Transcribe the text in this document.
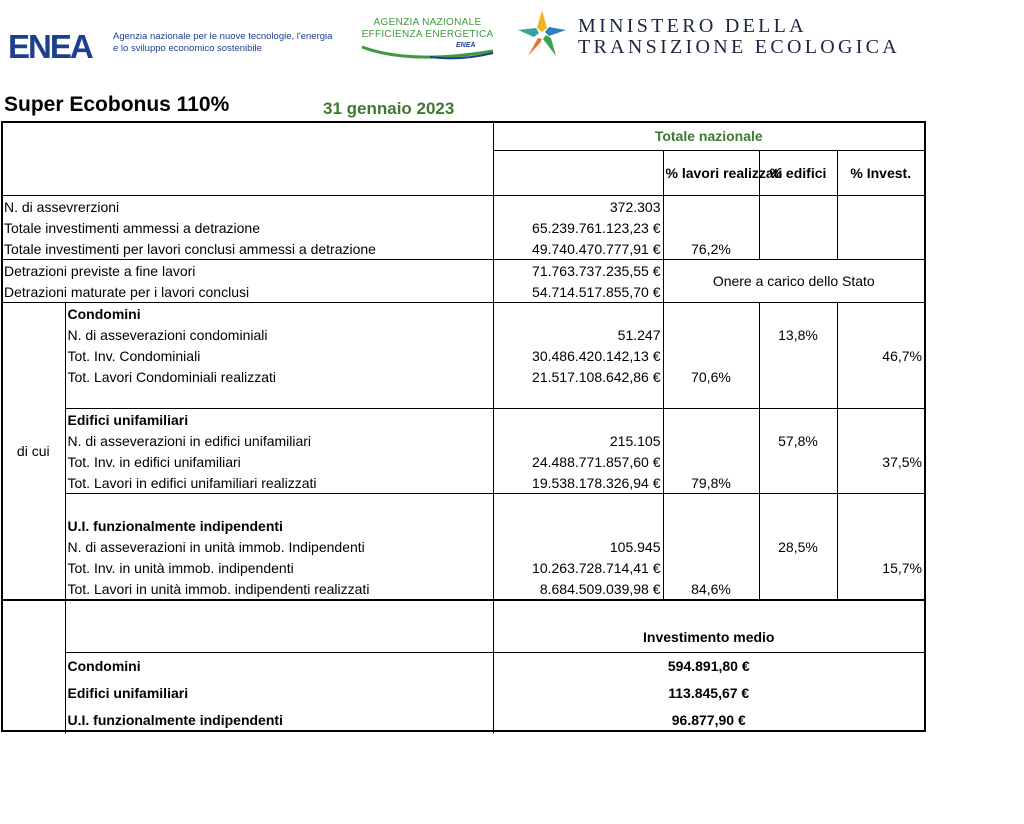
ENEA Agenzia nazionale per le nuove tecnologie, l'energia
e lo sviluppo economico sostenibile
AGENZIA NAZIONALE
EFFICIENZA ENERGETICA
ENEA
MINISTERO DELLA
TRANSIZIONE ECOLOGICA
Super Ecobonus 110%	31 gennaio 2023
		Totale nazionale			
			% lavori realizzati	% edifici	% Invest.
N. di assevrerzioni		372.303			
Totale investimenti ammessi a detrazione		65.239.761.123,23 €			
Totale investimenti per lavori conclusi ammessi a detrazione		49.740.470.777,91 €	76,2%		
Detrazioni previste a fine lavori		71.763.737.235,55 €	Onere a carico dello Stato		
Detrazioni maturate per i lavori conclusi		54.714.517.855,70 €			
di cui	Condomini				
	N. di asseverazioni condominiali	51.247		13,8%	
	Tot. Inv. Condominiali	30.486.420.142,13 €			46,7%
	Tot. Lavori Condominiali realizzati	21.517.108.642,86 €	70,6%		

	Edifici unifamiliari				
	N. di asseverazioni in edifici unifamiliari	215.105		57,8%	
	Tot. Inv. in edifici unifamiliari	24.488.771.857,60 €			37,5%
	Tot. Lavori in edifici unifamiliari realizzati	19.538.178.326,94 €	79,8%		

	U.I. funzionalmente indipendenti				
	N. di asseverazioni in unità immob. Indipendenti	105.945		28,5%	
	Tot. Inv. in unità immob. indipendenti	10.263.728.714,41 €			15,7%
	Tot. Lavori in unità immob. indipendenti realizzati	8.684.509.039,98 €	84,6%		

		Investimento medio			
	Condomini	594.891,80 €			
	Edifici unifamiliari	113.845,67 €			
	U.I. funzionalmente indipendenti	96.877,90 €			
